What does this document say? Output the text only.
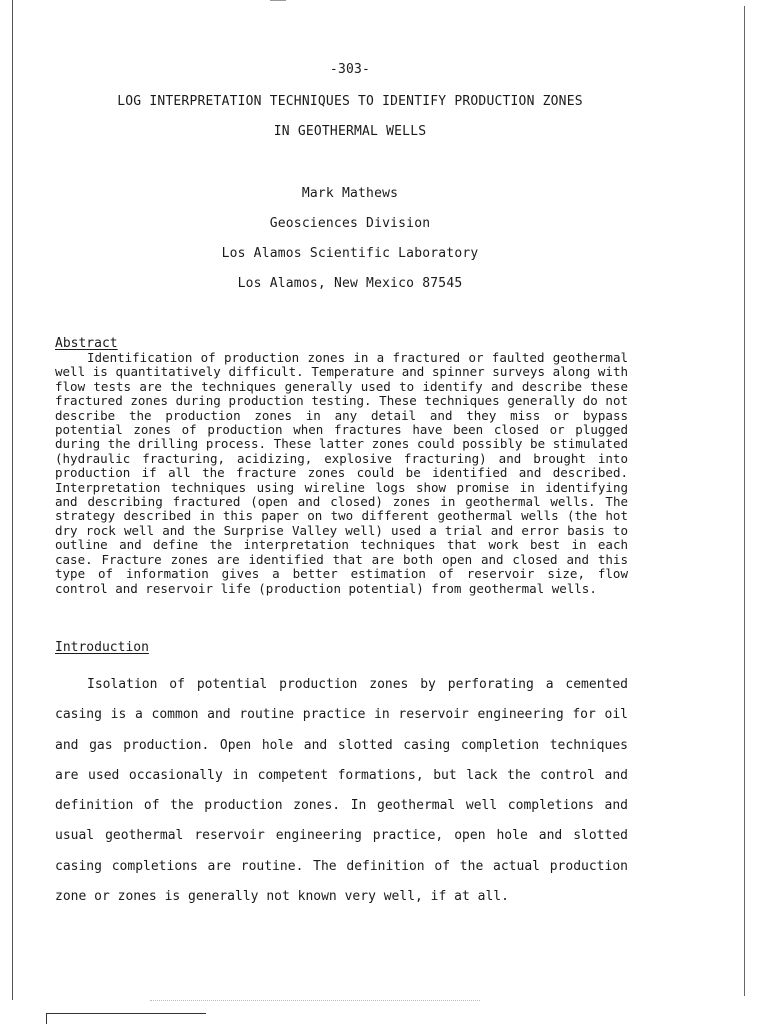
-303-
LOG INTERPRETATION TECHNIQUES TO IDENTIFY PRODUCTION ZONES
IN GEOTHERMAL WELLS
Mark Mathews
Geosciences Division
Los Alamos Scientific Laboratory
Los Alamos, New Mexico 87545
Abstract
Identification of production zones in a fractured or faulted geothermal well is quantitatively difficult. Temperature and spinner surveys along with flow tests are the techniques generally used to identify and describe these fractured zones during production testing. These techniques generally do not describe the production zones in any detail and they miss or bypass potential zones of production when fractures have been closed or plugged during the drilling process. These latter zones could possibly be stimulated (hydraulic fracturing, acidizing, explosive fracturing) and brought into production if all the fracture zones could be identified and described. Interpretation techniques using wireline logs show promise in identifying and describing fractured (open and closed) zones in geothermal wells. The strategy described in this paper on two different geothermal wells (the hot dry rock well and the Surprise Valley well) used a trial and error basis to outline and define the interpretation techniques that work best in each case. Fracture zones are identified that are both open and closed and this type of information gives a better estimation of reservoir size, flow control and reservoir life (production potential) from geothermal wells.
Introduction
Isolation of potential production zones by perforating a cemented casing is a common and routine practice in reservoir engineering for oil and gas production. Open hole and slotted casing completion techniques are used occasionally in competent formations, but lack the control and definition of the production zones. In geothermal well completions and usual geothermal reservoir engineering practice, open hole and slotted casing completions are routine. The definition of the actual production zone or zones is generally not known very well, if at all.
